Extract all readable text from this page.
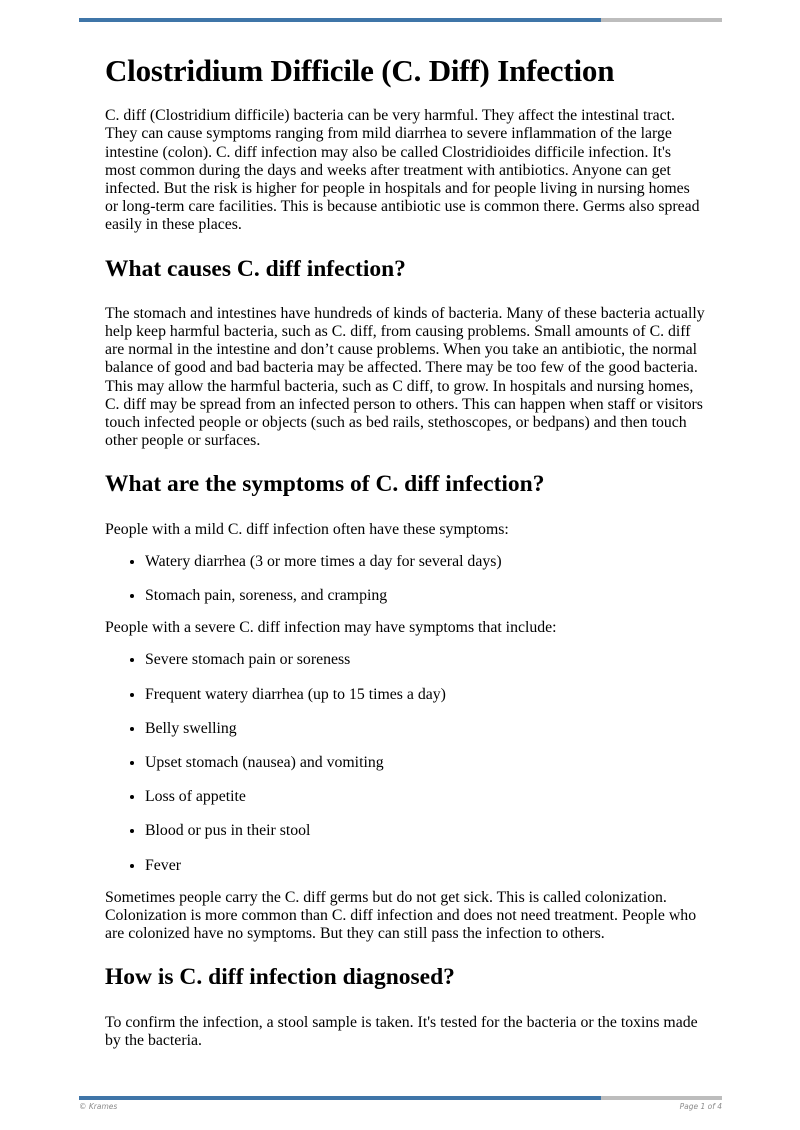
Clostridium Difficile (C. Diff) Infection

C. diff (Clostridium difficile) bacteria can be very harmful. They affect the intestinal tract. They can cause symptoms ranging from mild diarrhea to severe inflammation of the large intestine (colon). C. diff infection may also be called Clostridioides difficile infection. It's most common during the days and weeks after treatment with antibiotics. Anyone can get infected. But the risk is higher for people in hospitals and for people living in nursing homes or long-term care facilities. This is because antibiotic use is common there. Germs also spread easily in these places.

What causes C. diff infection?

The stomach and intestines have hundreds of kinds of bacteria. Many of these bacteria actually help keep harmful bacteria, such as C. diff, from causing problems. Small amounts of C. diff are normal in the intestine and don’t cause problems. When you take an antibiotic, the normal balance of good and bad bacteria may be affected. There may be too few of the good bacteria. This may allow the harmful bacteria, such as C diff, to grow. In hospitals and nursing homes, C. diff may be spread from an infected person to others. This can happen when staff or visitors touch infected people or objects (such as bed rails, stethoscopes, or bedpans) and then touch other people or surfaces.

What are the symptoms of C. diff infection?

People with a mild C. diff infection often have these symptoms:

• Watery diarrhea (3 or more times a day for several days)
• Stomach pain, soreness, and cramping

People with a severe C. diff infection may have symptoms that include:

• Severe stomach pain or soreness
• Frequent watery diarrhea (up to 15 times a day)
• Belly swelling
• Upset stomach (nausea) and vomiting
• Loss of appetite
• Blood or pus in their stool
• Fever

Sometimes people carry the C. diff germs but do not get sick. This is called colonization. Colonization is more common than C. diff infection and does not need treatment. People who are colonized have no symptoms. But they can still pass the infection to others.

How is C. diff infection diagnosed?

To confirm the infection, a stool sample is taken. It's tested for the bacteria or the toxins made by the bacteria.

© Krames	Page 1 of 4
